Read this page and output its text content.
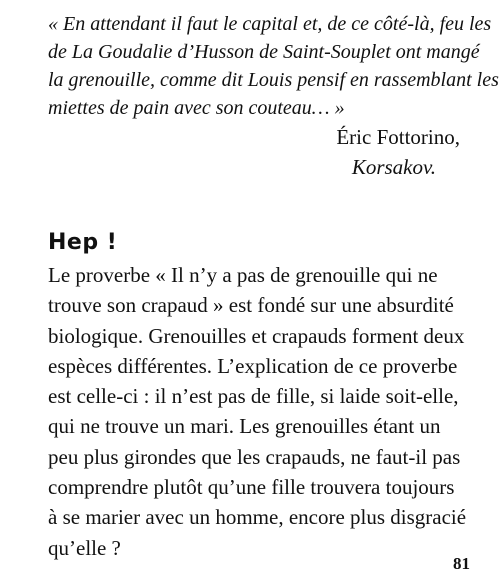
« En attendant il faut le capital et, de ce côté-là, feu les
de La Goudalie d’Husson de Saint-Souplet ont mangé
la grenouille, comme dit Louis pensif en rassemblant les
miettes de pain avec son couteau… »
Éric Fottorino,
Korsakov.
Hep !
Le proverbe « Il n’y a pas de grenouille qui ne
trouve son crapaud » est fondé sur une absurdité
biologique. Grenouilles et crapauds forment deux
espèces différentes. L’explication de ce proverbe
est celle-ci : il n’est pas de fille, si laide soit-elle,
qui ne trouve un mari. Les grenouilles étant un
peu plus girondes que les crapauds, ne faut-il pas
comprendre plutôt qu’une fille trouvera toujours
à se marier avec un homme, encore plus disgracié
qu’elle ?
81
